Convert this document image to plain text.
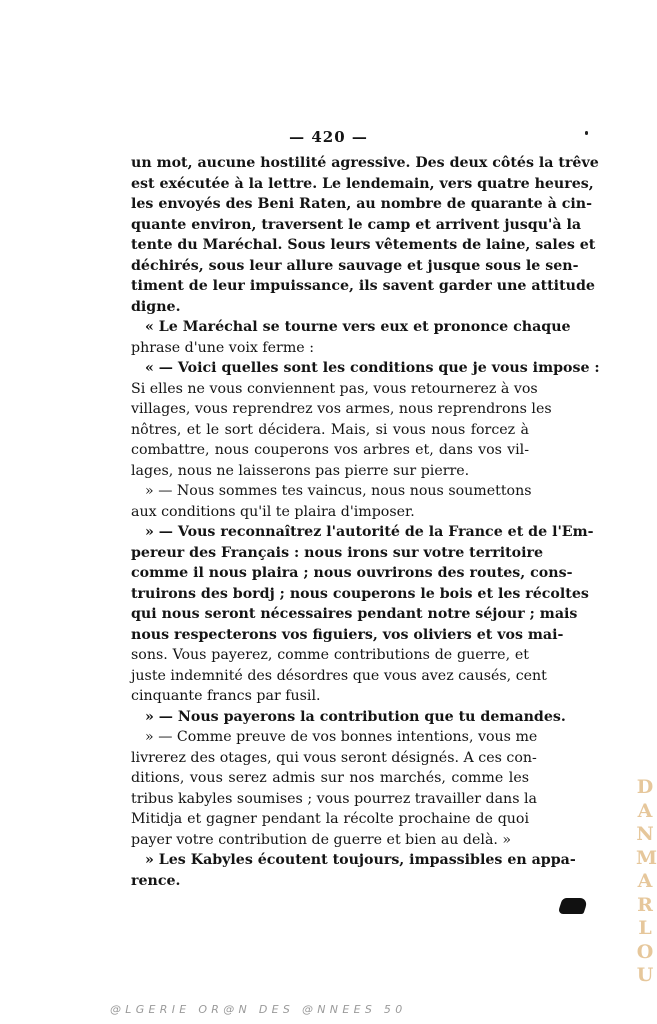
— 420 —
un mot, aucune hostilité agressive. Des deux côtés la trêve
est exécutée à la lettre. Le lendemain, vers quatre heures,
les envoyés des Beni Raten, au nombre de quarante à cin-
quante environ, traversent le camp et arrivent jusqu'à la
tente du Maréchal. Sous leurs vêtements de laine, sales et
déchirés, sous leur allure sauvage et jusque sous le sen-
timent de leur impuissance, ils savent garder une attitude
digne.
« Le Maréchal se tourne vers eux et prononce chaque
phrase d'une voix ferme :
« — Voici quelles sont les conditions que je vous impose :
Si elles ne vous conviennent pas, vous retournerez à vos
villages, vous reprendrez vos armes, nous reprendrons les
nôtres, et le sort décidera. Mais, si vous nous forcez à
combattre, nous couperons vos arbres et, dans vos vil-
lages, nous ne laisserons pas pierre sur pierre.
» — Nous sommes tes vaincus, nous nous soumettons
aux conditions qu'il te plaira d'imposer.
» — Vous reconnaîtrez l'autorité de la France et de l'Em-
pereur des Français : nous irons sur votre territoire
comme il nous plaira ; nous ouvrirons des routes, cons-
truirons des bordj ; nous couperons le bois et les récoltes
qui nous seront nécessaires pendant notre séjour ; mais
nous respecterons vos figuiers, vos oliviers et vos mai-
sons. Vous payerez, comme contributions de guerre, et
juste indemnité des désordres que vous avez causés, cent
cinquante francs par fusil.
» — Nous payerons la contribution que tu demandes.
» — Comme preuve de vos bonnes intentions, vous me
livrerez des otages, qui vous seront désignés. A ces con-
ditions, vous serez admis sur nos marchés, comme les
tribus kabyles soumises ; vous pourrez travailler dans la
Mitidja et gagner pendant la récolte prochaine de quoi
payer votre contribution de guerre et bien au delà. »
» Les Kabyles écoutent toujours, impassibles en appa-
rence.
DANMARLOU
@LGERIE OR@N DES @NNEES 50
